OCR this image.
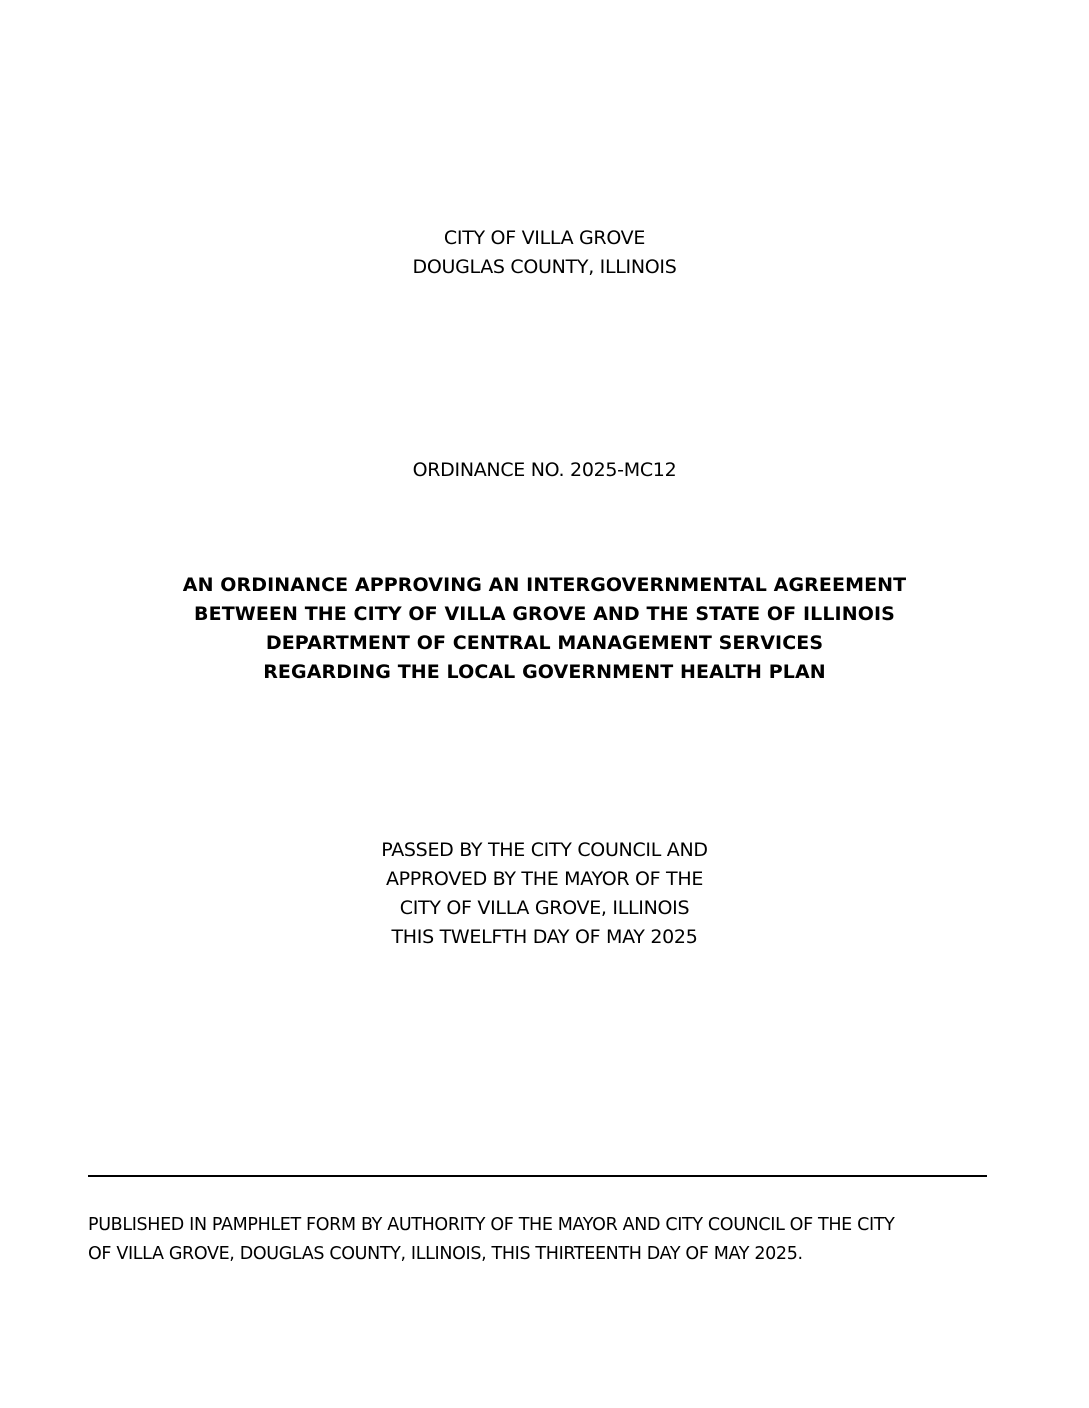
CITY OF VILLA GROVE
DOUGLAS COUNTY, ILLINOIS
ORDINANCE NO. 2025-MC12
AN ORDINANCE APPROVING AN INTERGOVERNMENTAL AGREEMENT
BETWEEN THE CITY OF VILLA GROVE AND THE STATE OF ILLINOIS
DEPARTMENT OF CENTRAL MANAGEMENT SERVICES
REGARDING THE LOCAL GOVERNMENT HEALTH PLAN
PASSED BY THE CITY COUNCIL AND
APPROVED BY THE MAYOR OF THE
CITY OF VILLA GROVE, ILLINOIS
THIS TWELFTH DAY OF MAY 2025
PUBLISHED IN PAMPHLET FORM BY AUTHORITY OF THE MAYOR AND CITY COUNCIL OF THE CITY
OF VILLA GROVE, DOUGLAS COUNTY, ILLINOIS, THIS THIRTEENTH DAY OF MAY 2025.
